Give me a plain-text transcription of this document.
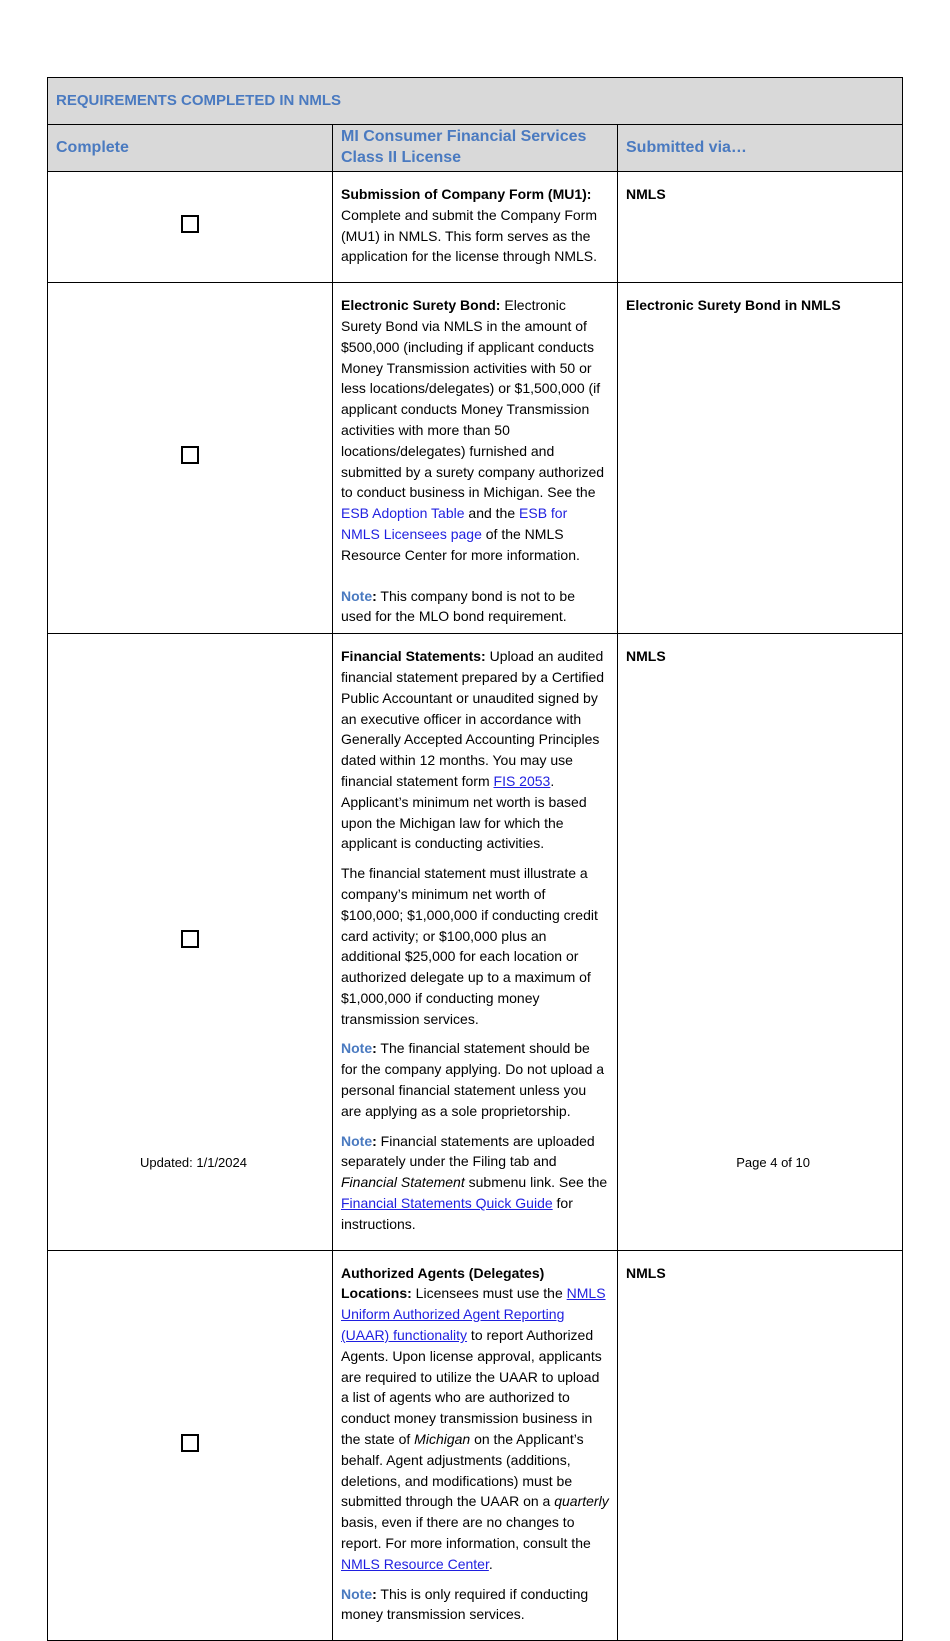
REQUIREMENTS COMPLETED IN NMLS		
Complete	MI Consumer Financial Services Class II License	Submitted via…

	Submission of Company Form (MU1): Complete and submit the Company Form (MU1) in NMLS. This form serves as the application for the license through NMLS.	NMLS

	Electronic Surety Bond: Electronic Surety Bond via NMLS in the amount of $500,000 (including if applicant conducts Money Transmission activities with 50 or less locations/delegates) or $1,500,000 (if applicant conducts Money Transmission activities with more than 50 locations/delegates) furnished and submitted by a surety company authorized to conduct business in Michigan. See the ESB Adoption Table and the ESB for NMLS Licensees page of the NMLS Resource Center for more information.

Note: This company bond is not to be used for the MLO bond requirement.	Electronic Surety Bond in NMLS

	Financial Statements: Upload an audited financial statement prepared by a Certified Public Accountant or unaudited signed by an executive officer in accordance with Generally Accepted Accounting Principles dated within 12 months. You may use financial statement form FIS 2053. Applicant’s minimum net worth is based upon the Michigan law for which the applicant is conducting activities.

The financial statement must illustrate a company’s minimum net worth of $100,000; $1,000,000 if conducting credit card activity; or $100,000 plus an additional $25,000 for each location or authorized delegate up to a maximum of $1,000,000 if conducting money transmission services.

Note: The financial statement should be for the company applying. Do not upload a personal financial statement unless you are applying as a sole proprietorship.

Note: Financial statements are uploaded separately under the Filing tab and Financial Statement submenu link. See the Financial Statements Quick Guide for instructions.	NMLS

	Authorized Agents (Delegates) Locations: Licensees must use the NMLS Uniform Authorized Agent Reporting (UAAR) functionality to report Authorized Agents. Upon license approval, applicants are required to utilize the UAAR to upload a list of agents who are authorized to conduct money transmission business in the state of Michigan on the Applicant’s behalf. Agent adjustments (additions, deletions, and modifications) must be submitted through the UAAR on a quarterly basis, even if there are no changes to report. For more information, consult the NMLS Resource Center.

Note: This is only required if conducting money transmission services.	NMLS
Updated: 1/1/2024	Page 4 of 10
